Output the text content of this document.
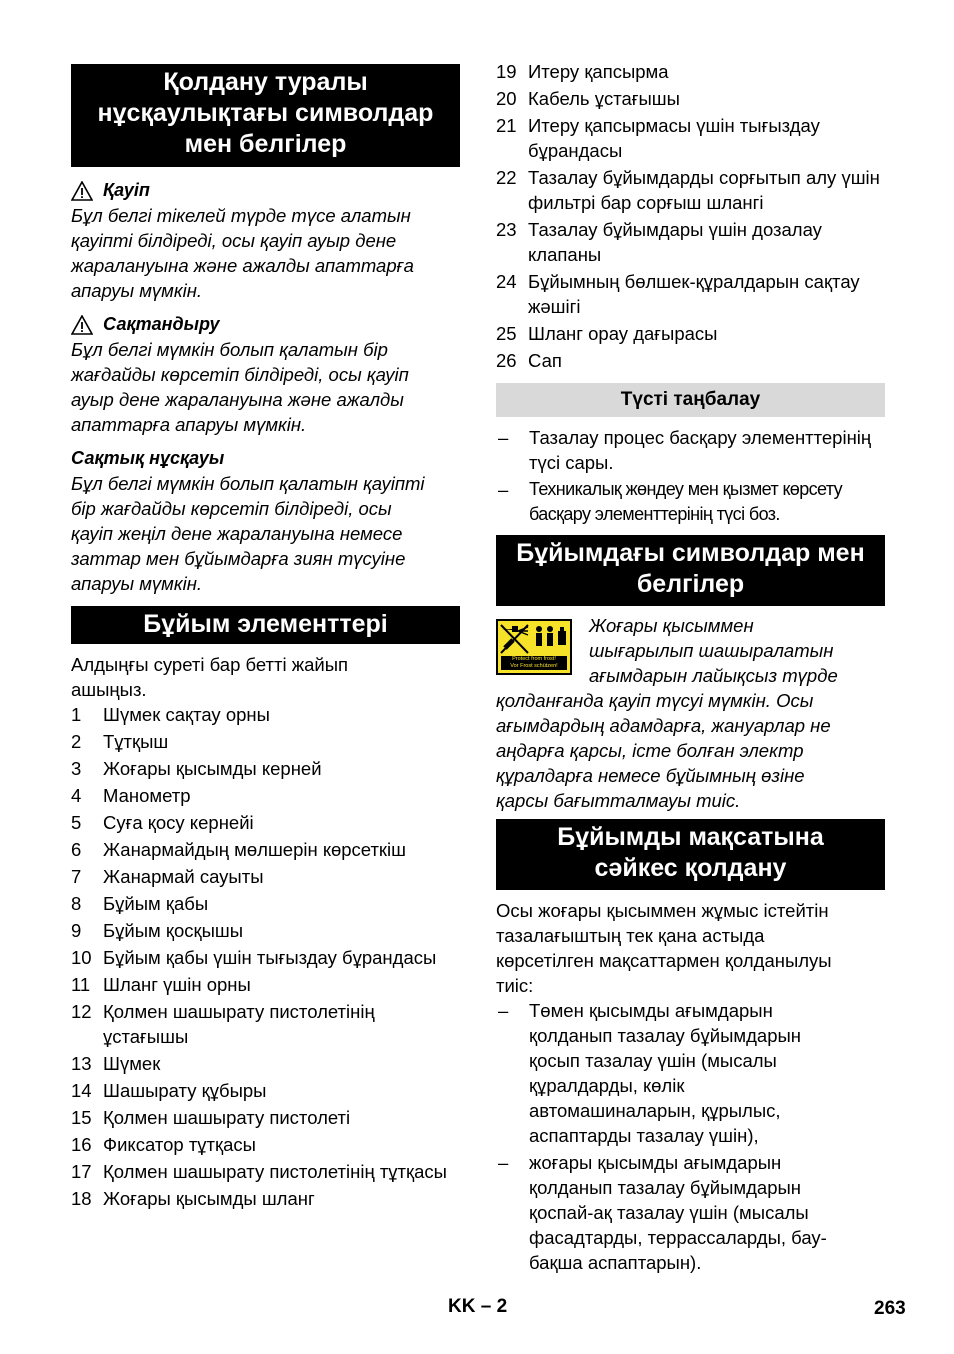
Қолдану туралы
нұсқаулықтағы символдар
мен белгілер
Қауіп
Бұл белгі тікелей түрде түсе алатын
қауіпті білдіреді, осы қауіп ауыр дене
жаралануына және ажалды апаттарға
апаруы мүмкін.
Сақтандыру
Бұл белгі мүмкін болып қалатын бір
жағдайды көрсетіп білдіреді, осы қауіп
ауыр дене жаралануына және ажалды
апаттарға апаруы мүмкін.
Сақтық нұсқауы
Бұл белгі мүмкін болып қалатын қауіпті
бір жағдайды көрсетіп білдіреді, осы
қауіп жеңіл дене жаралануына немесе
заттар мен бұйымдарға зиян түсуіне
апаруы мүмкін.
Бұйым элементтері
Алдыңғы суреті бар бетті жайып
ашыңыз.
1	Шүмек сақтау орны
2	Тұтқыш
3	Жоғары қысымды керней
4	Манометр
5	Суға қосу кернейі
6	Жанармайдың мөлшерін көрсеткіш
7	Жанармай сауыты
8	Бұйым қабы
9	Бұйым қосқышы
10 Бұйым қабы үшін тығыздау бұрандасы
11 Шланг үшін орны
12 Қолмен шашырату пистолетінің ұстағышы
13 Шүмек
14 Шашырату құбыры
15 Қолмен шашырату пистолеті
16 Фиксатор тұтқасы
17 Қолмен шашырату пистолетінің тұтқасы
18 Жоғары қысымды шланг
19 Итеру қапсырма
20 Кабель ұстағышы
21 Итеру қапсырмасы үшін тығыздау бұрандасы
22 Тазалау бұйымдарды сорғытып алу үшін фильтрі бар сорғыш шлангі
23 Тазалау бұйымдары үшін дозалау клапаны
24 Бұйымның бөлшек-құралдарын сақтау жәшігі
25 Шланг орау дағырасы
26 Сап
Түсті таңбалау
–	Тазалау процес басқару элементтерінің түсі сары.
–	Техникалық жөндеу мен қызмет көрсету басқару элементтерінің түсі боз.
Бұйымдағы символдар мен
белгілер
Protect from frost!
Vor Frost schützen!
Жоғары қысыммен
шығарылып шашыралатын
ағымдарын лайықсыз түрде
қолданғанда қауіп түсуі мүмкін. Осы
ағымдардың адамдарға, жануарлар не
аңдарға қарсы, істе болған электр
құралдарға немесе бұйымның өзіне
қарсы бағытталмауы тиіс.
Бұйымды мақсатына
сәйкес қолдану
Осы жоғары қысыммен жұмыс істейтін
тазалағыштың тек қана астыда
көрсетілген мақсаттармен қолданылуы
тиіс:
–	Төмен қысымды ағымдарын қолданып тазалау бұйымдарын қосып тазалау үшін (мысалы құралдарды, көлік автомашиналарын, құрылыс, аспаптарды тазалау үшін),
–	жоғары қысымды ағымдарын қолданып тазалау бұйымдарын қоспай-ақ тазалау үшін (мысалы фасадтарды, террассаларды, бау-бақша аспаптарын).
KK – 2	263
